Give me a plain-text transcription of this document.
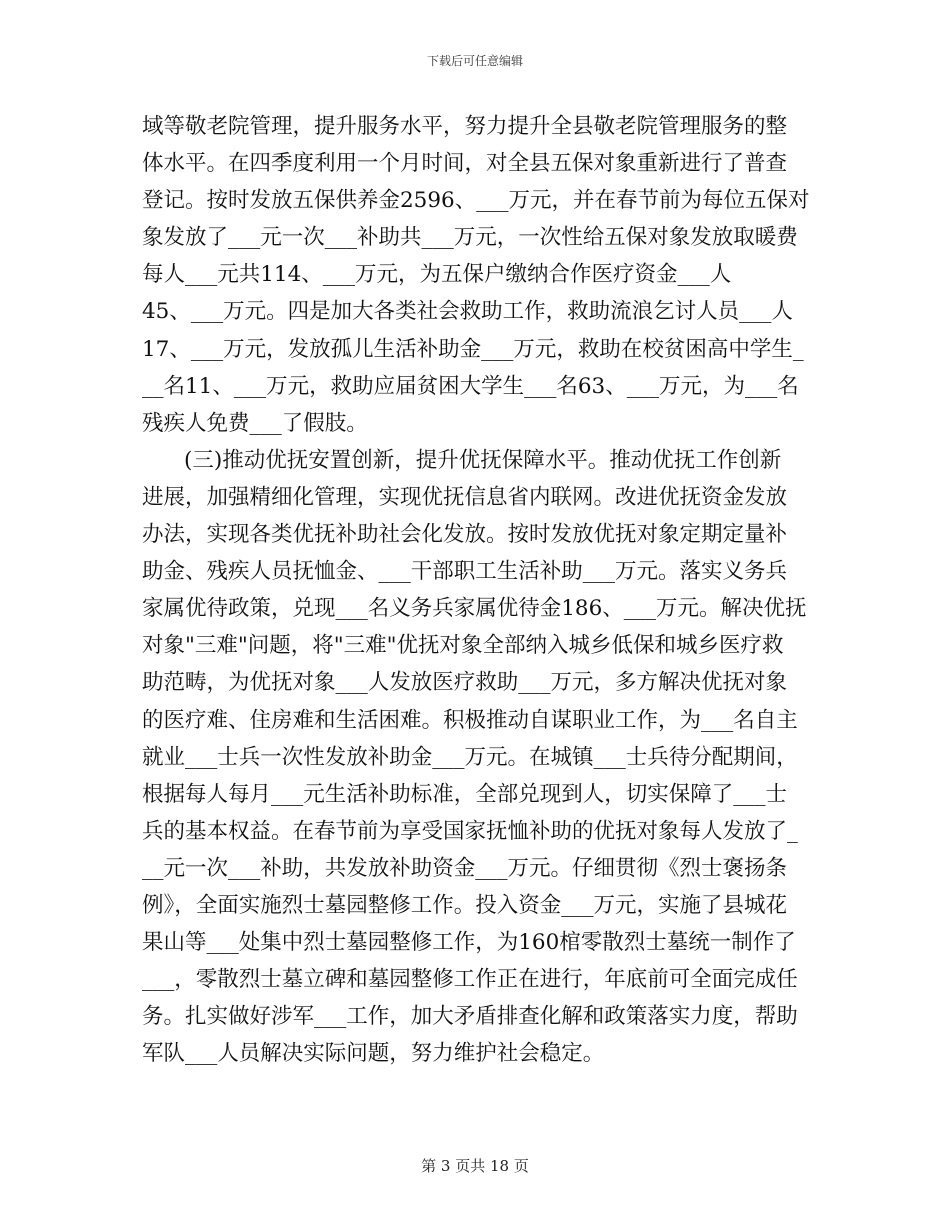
下载后可任意编辑
域等敬老院管理，提升服务水平，努力提升全县敬老院管理服务的整
体水平。在四季度利用一个月时间，对全县五保对象重新进行了普查
登记。按时发放五保供养金2596、___万元，并在春节前为每位五保对
象发放了___元一次___补助共___万元，一次性给五保对象发放取暖费
每人___元共114、___万元，为五保户缴纳合作医疗资金___人
45、___万元。四是加大各类社会救助工作，救助流浪乞讨人员___人
17、___万元，发放孤儿生活补助金___万元，救助在校贫困高中学生_
__名11、___万元，救助应届贫困大学生___名63、___万元，为___名
残疾人免费___了假肢。
(三)推动优抚安置创新，提升优抚保障水平。推动优抚工作创新
进展，加强精细化管理，实现优抚信息省内联网。改进优抚资金发放
办法，实现各类优抚补助社会化发放。按时发放优抚对象定期定量补
助金、残疾人员抚恤金、___干部职工生活补助___万元。落实义务兵
家属优待政策，兑现___名义务兵家属优待金186、___万元。解决优抚
对象"三难"问题，将"三难"优抚对象全部纳入城乡低保和城乡医疗救
助范畴，为优抚对象___人发放医疗救助___万元，多方解决优抚对象
的医疗难、住房难和生活困难。积极推动自谋职业工作，为___名自主
就业___士兵一次性发放补助金___万元。在城镇___士兵待分配期间，
根据每人每月___元生活补助标准，全部兑现到人，切实保障了___士
兵的基本权益。在春节前为享受国家抚恤补助的优抚对象每人发放了_
__元一次___补助，共发放补助资金___万元。仔细贯彻《烈士褒扬条
例》，全面实施烈士墓园整修工作。投入资金___万元，实施了县城花
果山等___处集中烈士墓园整修工作，为160棺零散烈士墓统一制作了
___，零散烈士墓立碑和墓园整修工作正在进行，年底前可全面完成任
务。扎实做好涉军___工作，加大矛盾排查化解和政策落实力度，帮助
军队___人员解决实际问题，努力维护社会稳定。
第 3 页共 18 页
